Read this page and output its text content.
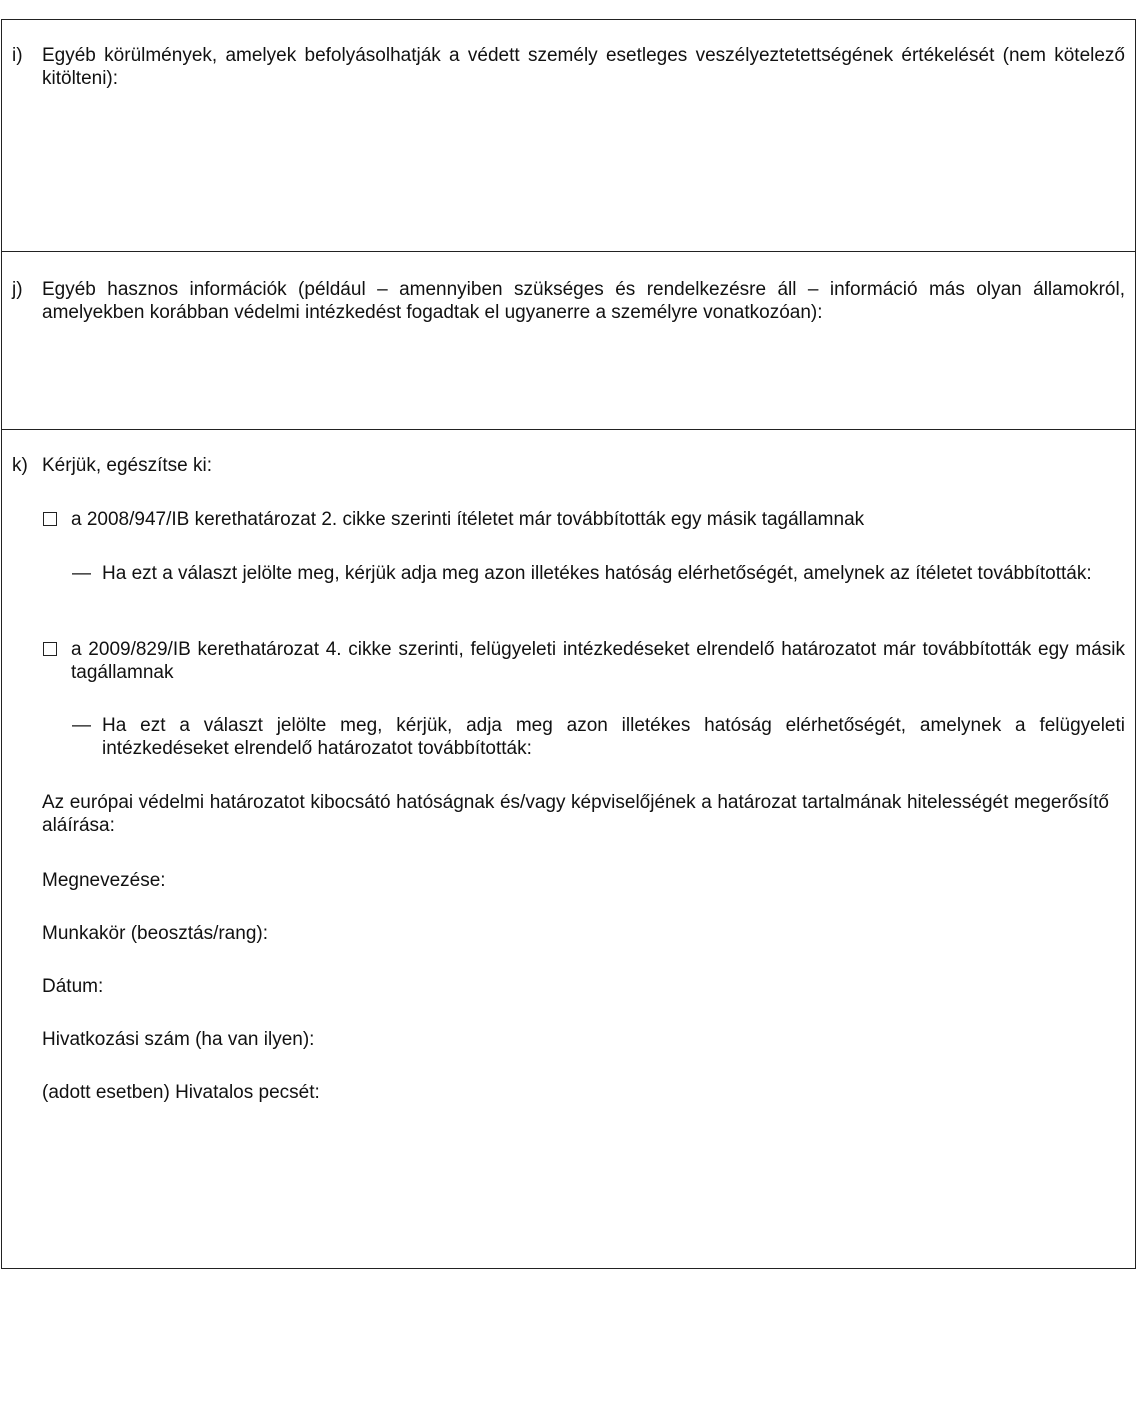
i)	Egyéb körülmények, amelyek befolyásolhatják a védett személy esetleges veszélyeztetettségének értékelését (nem kötelező kitölteni):
j)	Egyéb hasznos információk (például – amennyiben szükséges és rendelkezésre áll – információ más olyan államokról, amelyekben korábban védelmi intézkedést fogadtak el ugyanerre a személyre vonatkozóan):
k) Kérjük, egészítse ki:
a 2008/947/IB kerethatározat 2. cikke szerinti ítéletet már továbbították egy másik tagállamnak
— Ha ezt a választ jelölte meg, kérjük adja meg azon illetékes hatóság elérhetőségét, amelynek az ítéletet továbbították:
a 2009/829/IB kerethatározat 4. cikke szerinti, felügyeleti intézkedéseket elrendelő határozatot már továbbították egy másik tagállamnak
— Ha ezt a választ jelölte meg, kérjük, adja meg azon illetékes hatóság elérhetőségét, amelynek a felügyeleti intézkedéseket elrendelő határozatot továbbították:
Az európai védelmi határozatot kibocsátó hatóságnak és/vagy képviselőjének a határozat tartalmának hitelességét megerősítő aláírása:
Megnevezése:
Munkakör (beosztás/rang):
Dátum:
Hivatkozási szám (ha van ilyen):
(adott esetben) Hivatalos pecsét:
